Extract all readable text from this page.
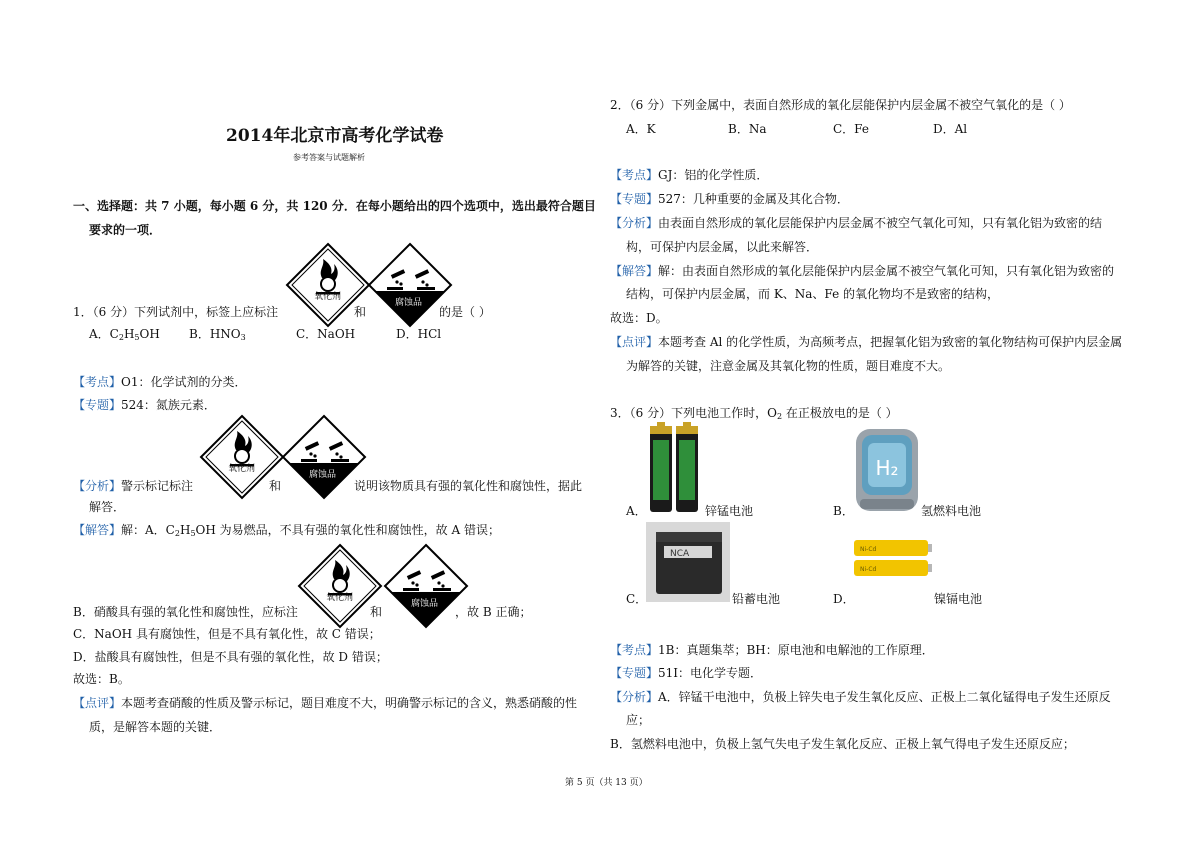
2014年北京市高考化学试卷
参考答案与试题解析
一、选择题：共 7 小题，每小题 6 分，共 120 分．在每小题给出的四个选项中，选出最符合题目
要求的一项．
氧化剂
腐蚀品
1．（6 分）下列试剂中，标签上应标注	和	的是（ ）
A．$C_2H_5OH$ B．$HNO_3$	C．NaOH	D．HCl
【考点】O1：化学试剂的分类．
【专题】524：氮族元素．
氧化剂
腐蚀品
【分析】警示标记标注	和	说明该物质具有强的氧化性和腐蚀性，据此
解答．
【解答】解：A．$C_2H_5OH$ 为易燃品，不具有强的氧化性和腐蚀性，故 A 错误；
氧化剂
腐蚀品
B．硝酸具有强的氧化性和腐蚀性，应标注	和	，故 B 正确；
C．NaOH 具有腐蚀性，但是不具有氧化性，故 C 错误；
D．盐酸具有腐蚀性，但是不具有强的氧化性，故 D 错误；
故选：B。
【点评】本题考查硝酸的性质及警示标记，题目难度不大，明确警示标记的含义，熟悉硝酸的性
质，是解答本题的关键．
2．（6 分）下列金属中，表面自然形成的氧化层能保护内层金属不被空气氧化的是（ ）
A．K	B．Na	C．Fe	D．Al
【考点】GJ：铝的化学性质．
【专题】527：几种重要的金属及其化合物．
【分析】由表面自然形成的氧化层能保护内层金属不被空气氧化可知，只有氧化铝为致密的结
构，可保护内层金属，以此来解答．
【解答】解：由表面自然形成的氧化层能保护内层金属不被空气氧化可知，只有氧化铝为致密的
结构，可保护内层金属，而 K、Na、Fe 的氧化物均不是致密的结构，
故选：D。
【点评】本题考查 Al 的化学性质，为高频考点，把握氧化铝为致密的氧化物结构可保护内层金属
为解答的关键，注意金属及其氧化物的性质，题目难度不大。
3．（6 分）下列电池工作时，$O_2$ 在正极放电的是（ ）
A．	锌锰电池
H₂
B．	氢燃料电池
NCA
C．	铅蓄电池
Ni-Cd
Ni-Cd
D．	镍镉电池
【考点】1B：真题集萃；BH：原电池和电解池的工作原理．
【专题】51I：电化学专题．
【分析】A．锌锰干电池中，负极上锌失电子发生氧化反应、正极上二氧化锰得电子发生还原反
应；
B．氢燃料电池中，负极上氢气失电子发生氧化反应、正极上氧气得电子发生还原反应；
第 5 页（共 13 页）
